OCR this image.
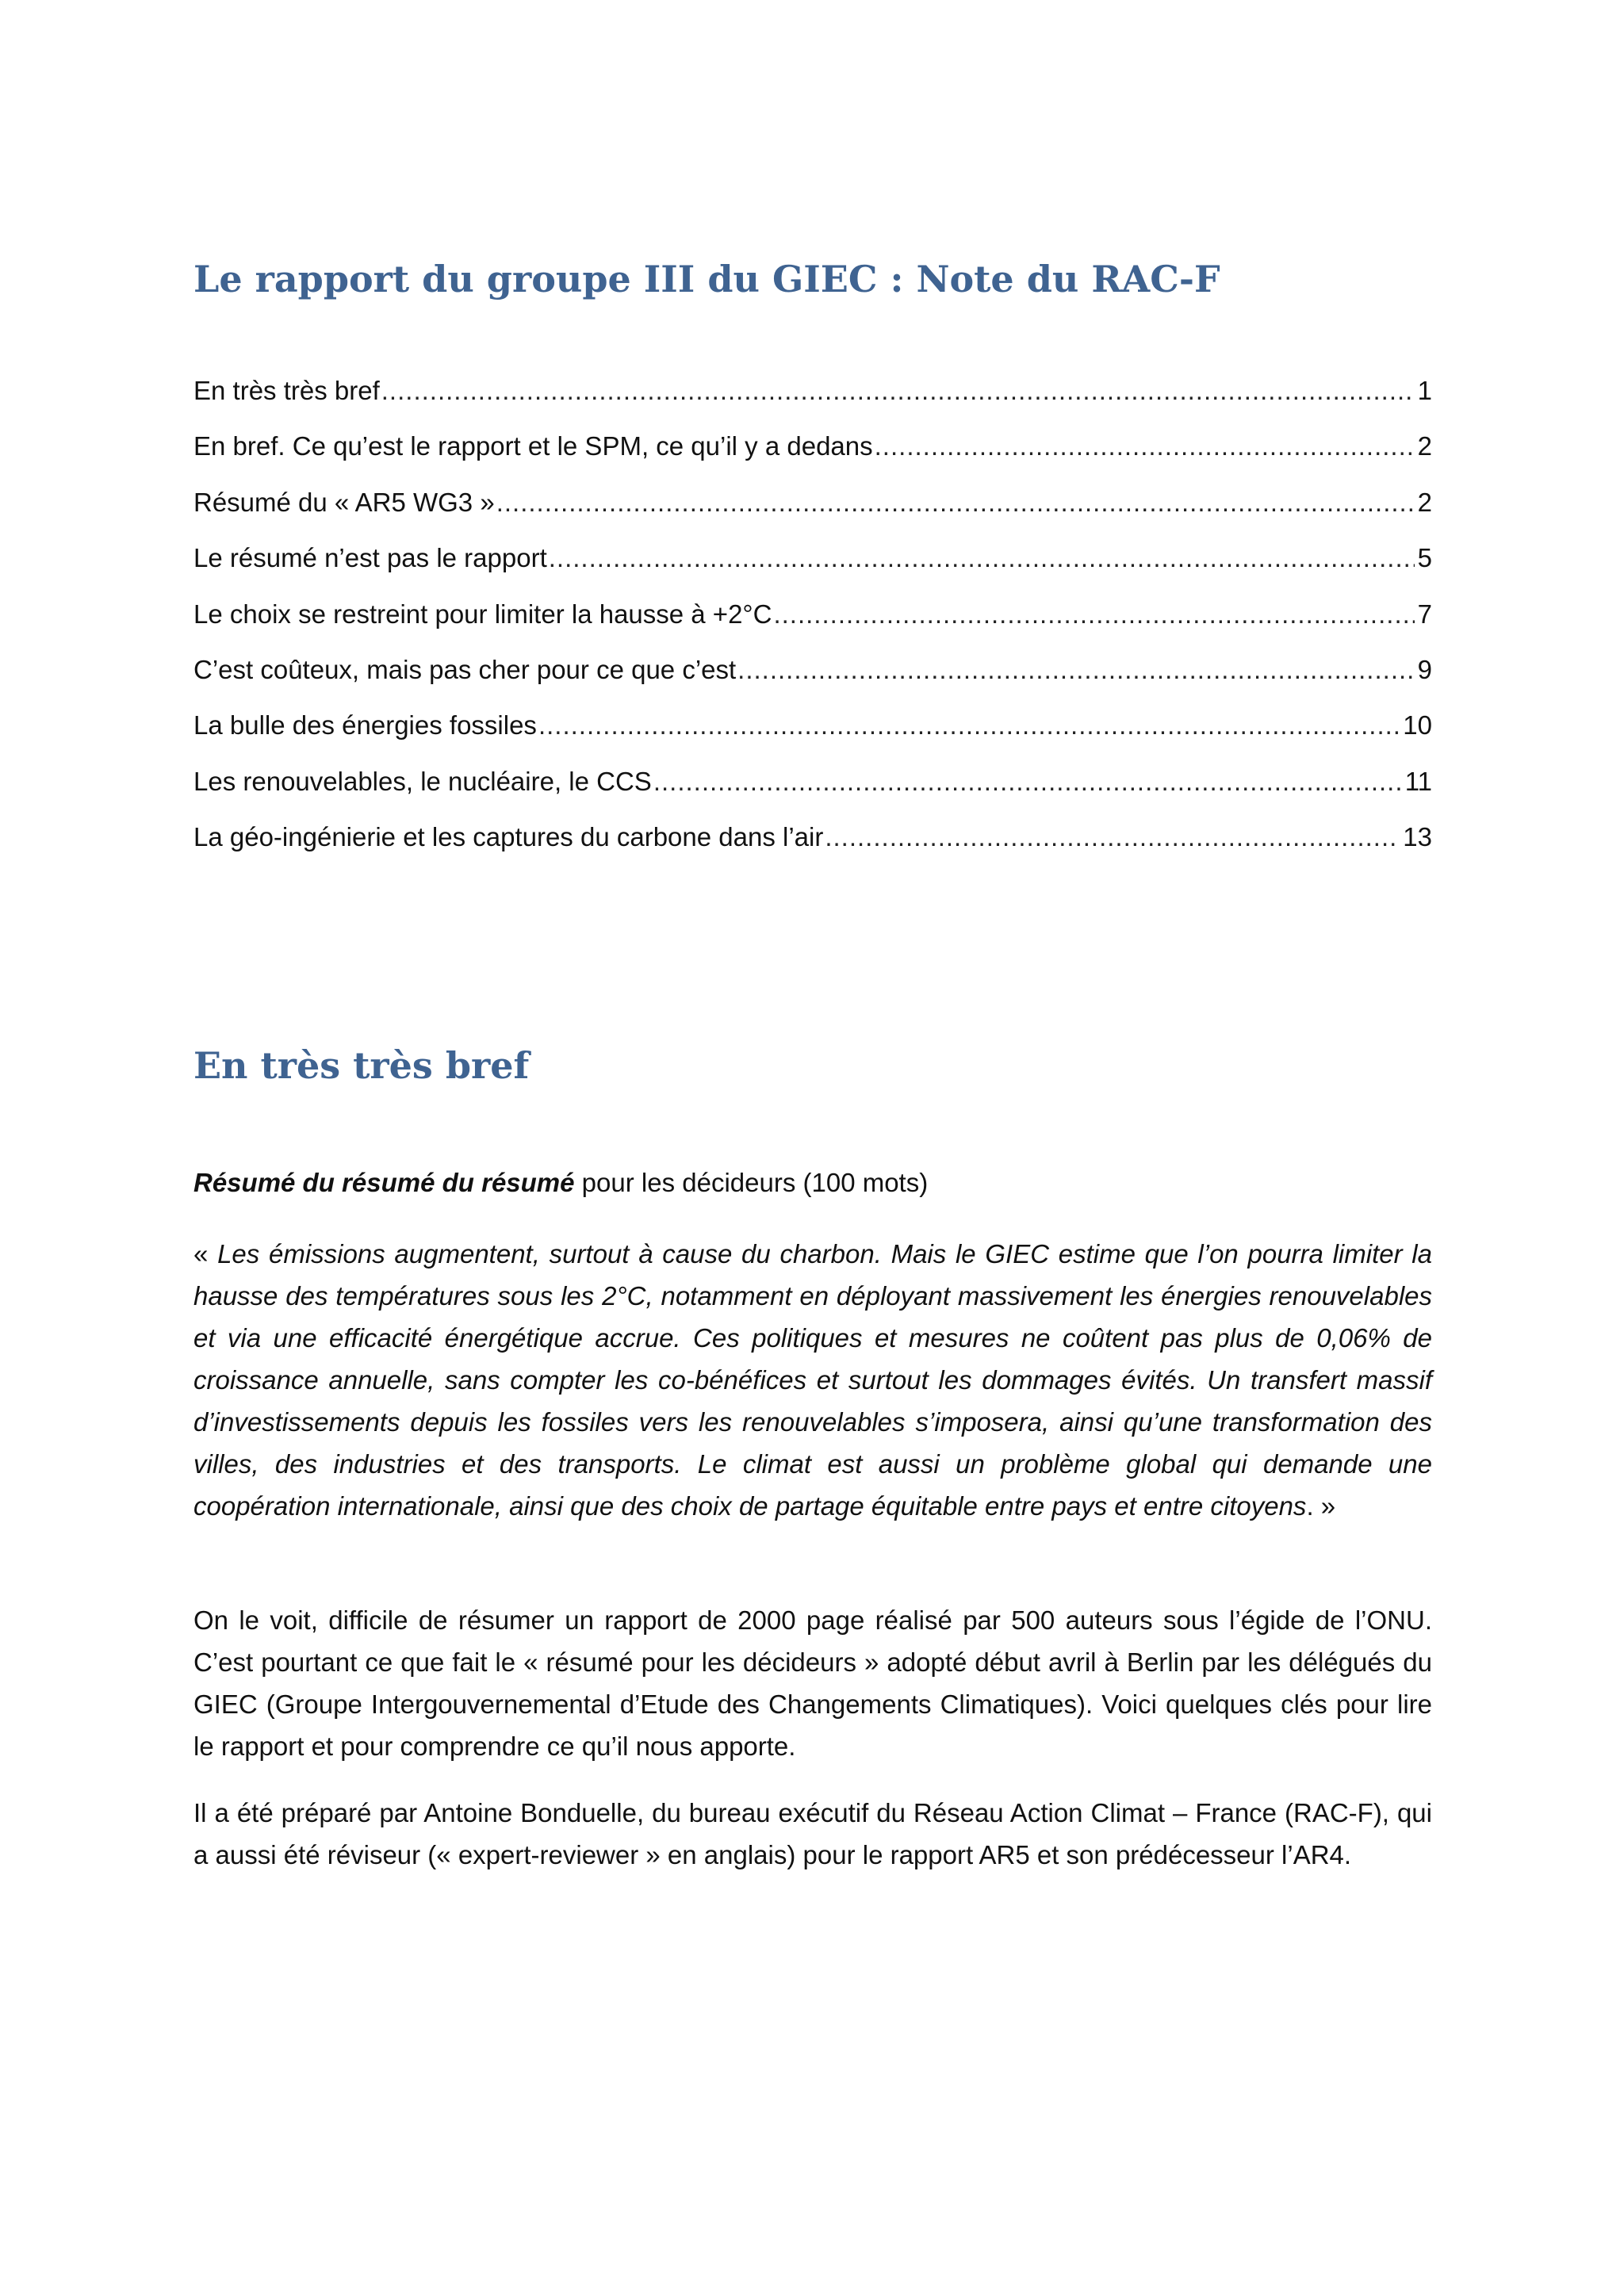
Le rapport du groupe III du GIEC : Note du RAC-F
En très très bref .....	1
En bref. Ce qu’est le rapport et le SPM, ce qu’il y a dedans .....	2
Résumé du « AR5 WG3 » .....	2
Le résumé n’est pas le rapport .....	5
Le choix se restreint pour limiter la hausse à +2°C .....	7
C’est coûteux, mais pas cher pour ce que c’est .....	9
La bulle des énergies fossiles .....	10
Les renouvelables, le nucléaire, le CCS .....	11
La géo-ingénierie et les captures du carbone dans l’air .....	13
En très très bref

Résumé du résumé du résumé pour les décideurs (100 mots)

« Les émissions augmentent, surtout à cause du charbon. Mais le GIEC estime que l’on pourra limiter la hausse des températures sous les 2°C, notamment en déployant massivement les énergies renouvelables et via une efficacité énergétique accrue. Ces politiques et mesures ne coûtent pas plus de 0,06% de croissance annuelle, sans compter les co-bénéfices et surtout les dommages évités. Un transfert massif d’investissements depuis les fossiles vers les renouvelables s’imposera, ainsi qu’une transformation des villes, des industries et des transports. Le climat est aussi un problème global qui demande une coopération internationale, ainsi que des choix de partage équitable entre pays et entre citoyens. »

On le voit, difficile de résumer un rapport de 2000 page réalisé par 500 auteurs sous l’égide de l’ONU. C’est pourtant ce que fait le « résumé pour les décideurs » adopté début avril à Berlin par les délégués du GIEC (Groupe Intergouvernemental d’Etude des Changements Climatiques). Voici quelques clés pour lire le rapport et pour comprendre ce qu’il nous apporte.

Il a été préparé par Antoine Bonduelle, du bureau exécutif du Réseau Action Climat – France (RAC-F), qui a aussi été réviseur (« expert-reviewer » en anglais) pour le rapport AR5 et son prédécesseur l’AR4.
